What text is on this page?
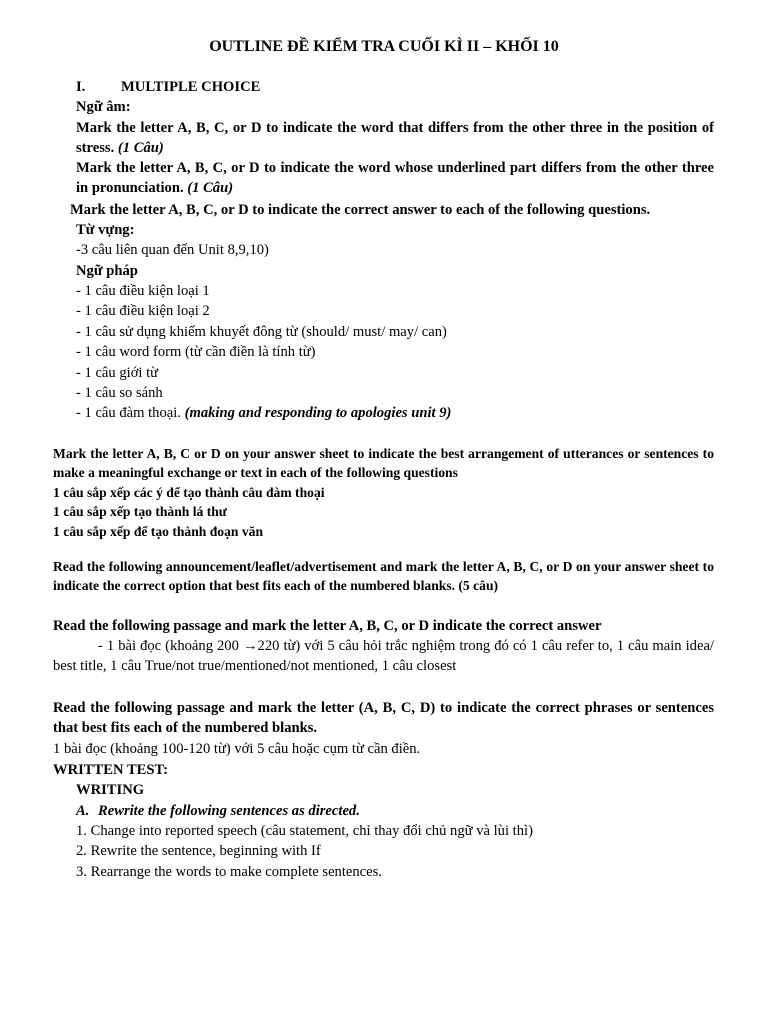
OUTLINE ĐỀ KIỂM TRA CUỐI KÌ II – KHỐI 10
I. MULTIPLE CHOICE
Ngữ âm:
Mark the letter A, B, C, or D to indicate the word that differs from the other three in the position of stress. (1 Câu)
Mark the letter A, B, C, or D to indicate the word whose underlined part differs from the other three in pronunciation. (1 Câu)
Mark the letter A, B, C, or D to indicate the correct answer to each of the following questions.
Từ vựng:
-3 câu liên quan đến Unit 8,9,10)
Ngữ pháp
- 1 câu điều kiện loại 1
- 1 câu điều kiện loại 2
- 1 câu sử dụng khiếm khuyết đông từ (should/ must/ may/ can)
- 1 câu word form (từ cần điền là tính từ)
- 1 câu giới từ
- 1 câu so sánh
- 1 câu đàm thoại. (making and responding to apologies unit 9)
Mark the letter A, B, C or D on your answer sheet to indicate the best arrangement of utterances or sentences to make a meaningful exchange or text in each of the following questions
1 câu sắp xếp các ý để tạo thành câu đàm thoại
1 câu sắp xếp tạo thành lá thư
1 câu sắp xếp để tạo thành đoạn văn
Read the following announcement/leaflet/advertisement and mark the letter A, B, C, or D on your answer sheet to indicate the correct option that best fits each of the numbered blanks. (5 câu)
Read the following passage and mark the letter A, B, C, or D indicate the correct answer
- 1 bài đọc (khoảng 200 →220 từ) với 5 câu hỏi trắc nghiệm trong đó có 1 câu refer to, 1 câu main idea/ best title, 1 câu True/not true/mentioned/not mentioned, 1 câu closest
Read the following passage and mark the letter (A, B, C, D) to indicate the correct phrases or sentences that best fits each of the numbered blanks.
1 bài đọc (khoảng 100-120 từ) với 5 câu hoặc cụm từ cần điền.
WRITTEN TEST:
WRITING
A. Rewrite the following sentences as directed.
1. Change into reported speech (câu statement, chỉ thay đổi chủ ngữ và lùi thì)
2. Rewrite the sentence, beginning with If
3. Rearrange the words to make complete sentences.
